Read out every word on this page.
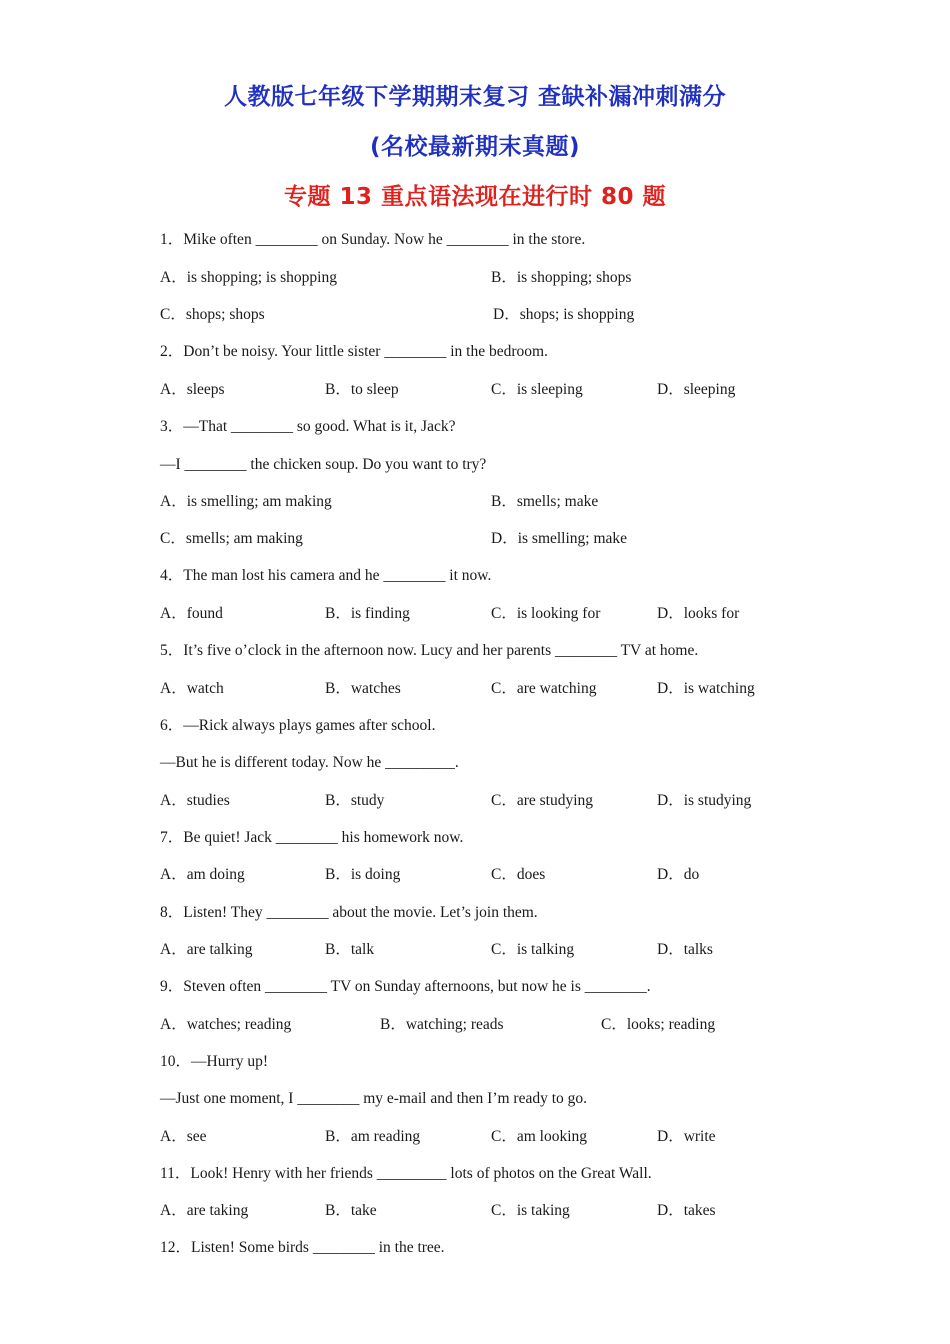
人教版七年级下学期期末复习 查缺补漏冲刺满分
(名校最新期末真题)
专题 13 重点语法现在进行时 80 题
1．Mike often ________ on Sunday. Now he ________ in the store.
A．is shopping; is shopping	B．is shopping; shops
C．shops; shops	D．shops; is shopping
2．Don’t be noisy. Your little sister ________ in the bedroom.
A．sleeps	B．to sleep	C．is sleeping	D．sleeping
3．—That ________ so good. What is it, Jack?
—I ________ the chicken soup. Do you want to try?
A．is smelling; am making	B．smells; make
C．smells; am making	D．is smelling; make
4．The man lost his camera and he ________ it now.
A．found	B．is finding	C．is looking for	D．looks for
5．It’s five o’clock in the afternoon now. Lucy and her parents ________ TV at home.
A．watch	B．watches	C．are watching	D．is watching
6．—Rick always plays games after school.
—But he is different today. Now he _________.
A．studies	B．study	C．are studying	D．is studying
7．Be quiet! Jack ________ his homework now.
A．am doing	B．is doing	C．does	D．do
8．Listen! They ________ about the movie. Let’s join them.
A．are talking	B．talk	C．is talking	D．talks
9．Steven often ________ TV on Sunday afternoons, but now he is ________.
A．watches; reading	B．watching; reads	C．looks; reading
10．—Hurry up!
—Just one moment, I ________ my e-mail and then I’m ready to go.
A．see	B．am reading	C．am looking	D．write
11．Look! Henry with her friends _________ lots of photos on the Great Wall.
A．are taking	B．take	C．is taking	D．takes
12．Listen! Some birds ________ in the tree.
